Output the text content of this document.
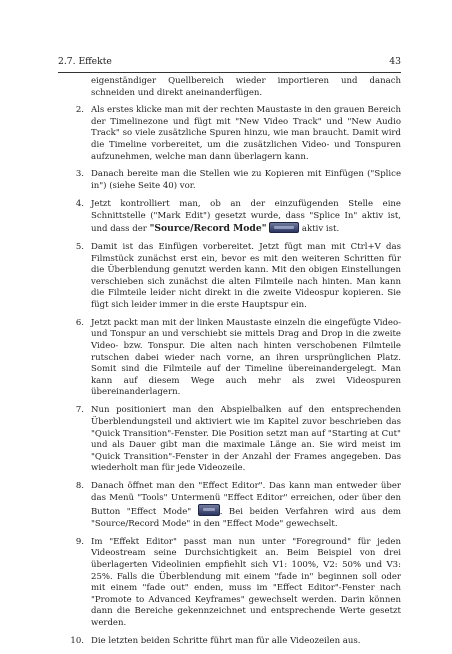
2.7. Effekte	43

eigenständiger Quellbereich wieder importieren und danach schneiden und direkt aneinanderfügen.

2. Als erstes klicke man mit der rechten Maustaste in den grauen Bereich der Timelinezone und fügt mit "New Video Track" und "New Audio Track" so viele zusätzliche Spuren hinzu, wie man braucht. Damit wird die Timeline vorbereitet, um die zusätzlichen Video- und Tonspuren aufzunehmen, welche man dann überlagern kann.
3. Danach bereite man die Stellen wie zu Kopieren mit Einfügen ("Splice in") (siehe Seite 40) vor.
4. Jetzt kontrolliert man, ob an der einzufügenden Stelle eine Schnittstelle ("Mark Edit") gesetzt wurde, dass "Splice In" aktiv ist, und dass der "Source/Record Mode"	aktiv ist.
5. Damit ist das Einfügen vorbereitet. Jetzt fügt man mit Ctrl+V das Filmstück zunächst erst ein, bevor es mit den weiteren Schritten für die Überblendung genutzt werden kann. Mit den obigen Einstellungen verschieben sich zunächst die alten Filmteile nach hinten. Man kann die Filmteile leider nicht direkt in die zweite Videospur kopieren. Sie fügt sich leider immer in die erste Hauptspur ein.
6. Jetzt packt man mit der linken Maustaste einzeln die eingefügte Video- und Tonspur an und verschiebt sie mittels Drag and Drop in die zweite Video- bzw. Tonspur. Die alten nach hinten verschobenen Filmteile rutschen dabei wieder nach vorne, an ihren ursprünglichen Platz. Somit sind die Filmteile auf der Timeline übereinandergelegt. Man kann auf diesem Wege auch mehr als zwei Videospuren übereinanderlagern.
7. Nun positioniert man den Abspielbalken auf den entsprechenden Überblendungsteil und aktiviert wie im Kapitel zuvor beschrieben das "Quick Transition"-Fenster. Die Position setzt man auf "Starting at Cut" und als Dauer gibt man die maximale Länge an. Sie wird meist im "Quick Transition"-Fenster in der Anzahl der Frames angegeben. Das wiederholt man für jede Videozeile.
8. Danach öffnet man den "Effect Editor". Das kann man entweder über das Menü "Tools" Untermenü "Effect Editor" erreichen, oder über den Button "Effect Mode"	. Bei beiden Verfahren wird aus dem "Source/Record Mode" in den "Effect Mode" gewechselt.
9. Im "Effekt Editor" passt man nun unter "Foreground" für jeden Videostream seine Durchsichtigkeit an. Beim Beispiel von drei überlagerten Videolinien empfiehlt sich V1: 100%, V2: 50% und V3: 25%. Falls die Überblendung mit einem "fade in" beginnen soll oder mit einem "fade out" enden, muss im "Effect Editor"-Fenster nach "Promote to Advanced Keyframes" gewechselt werden. Darin können dann die Bereiche gekennzeichnet und entsprechende Werte gesetzt werden.
10. Die letzten beiden Schritte führt man für alle Videozeilen aus.
